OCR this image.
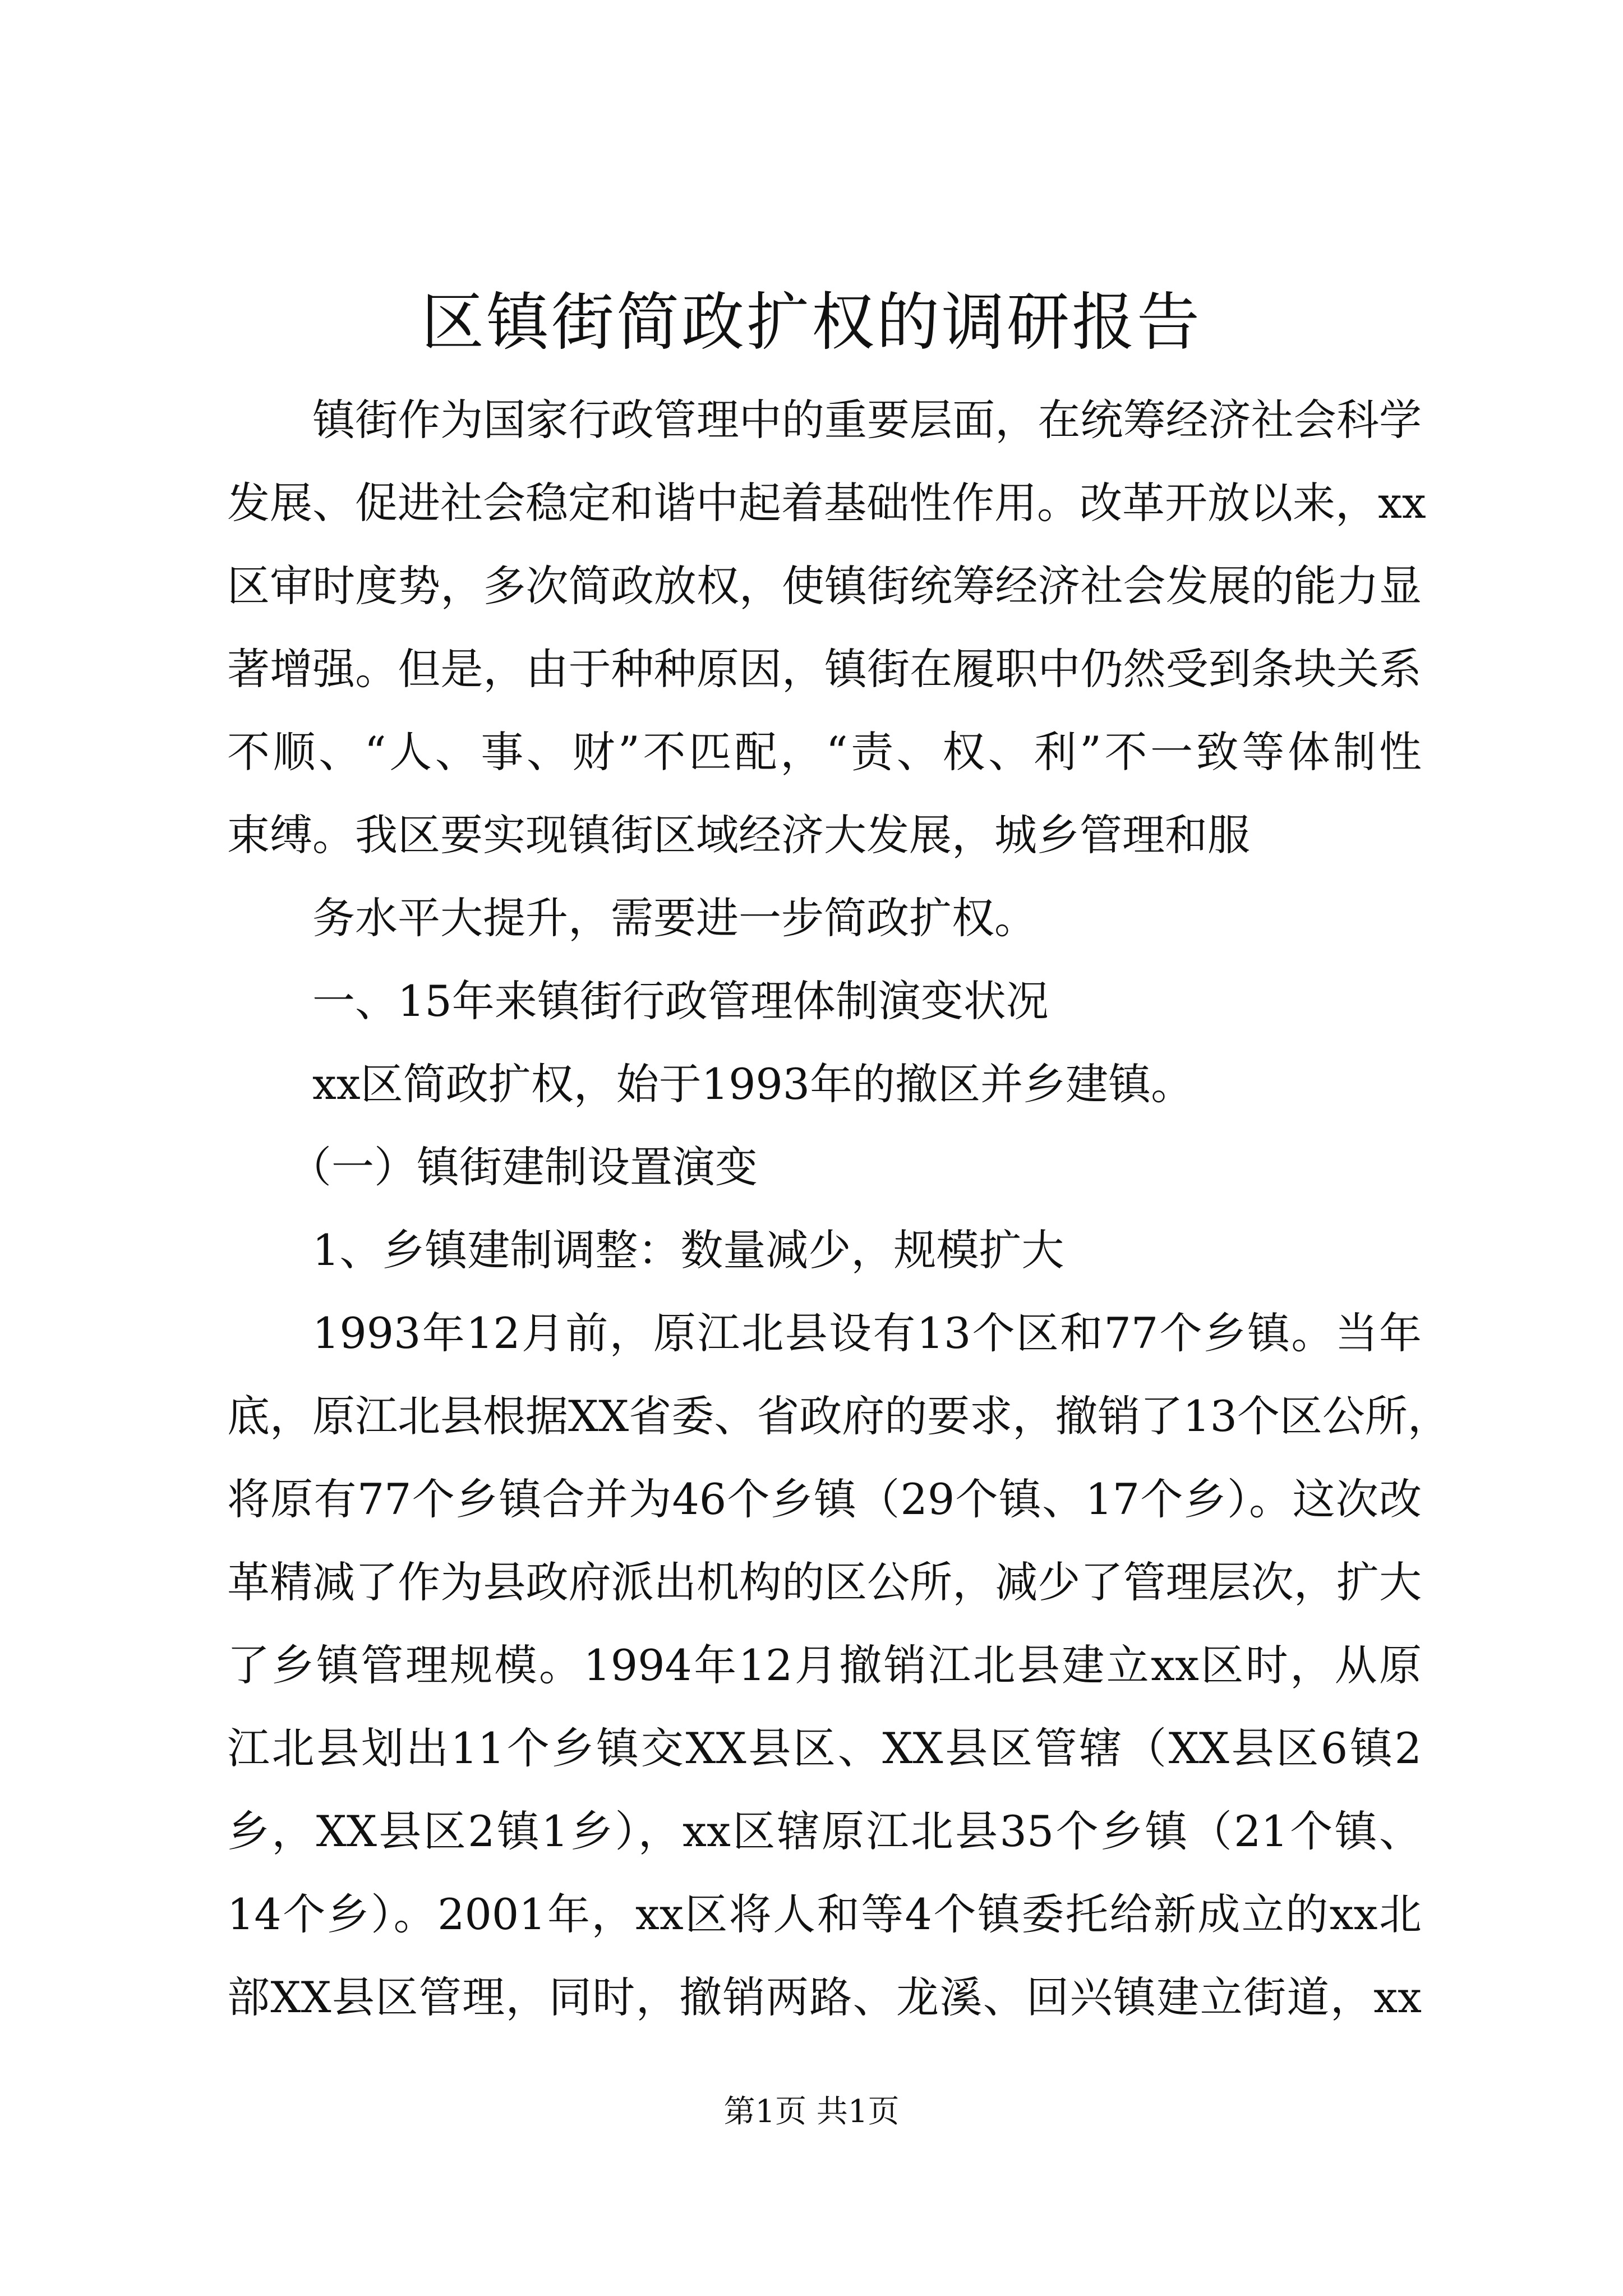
区镇街简政扩权的调研报告
镇街作为国家行政管理中的重要层面，在统筹经济社会科学
发展、促进社会稳定和谐中起着基础性作用。改革开放以来，xx
区审时度势，多次简政放权，使镇街统筹经济社会发展的能力显
著增强。但是，由于种种原因，镇街在履职中仍然受到条块关系
不顺、“人、事、财”不匹配，“责、权、利”不一致等体制性
束缚。我区要实现镇街区域经济大发展，城乡管理和服
务水平大提升，需要进一步简政扩权。
一、15年来镇街行政管理体制演变状况
xx区简政扩权，始于1993年的撤区并乡建镇。
（一）镇街建制设置演变
1、乡镇建制调整：数量减少，规模扩大
1993年12月前，原江北县设有13个区和77个乡镇。当年
底，原江北县根据XX省委、省政府的要求，撤销了13个区公所，
将原有77个乡镇合并为46个乡镇（29个镇、17个乡）。这次改
革精减了作为县政府派出机构的区公所，减少了管理层次，扩大
了乡镇管理规模。1994年12月撤销江北县建立xx区时，从原
江北县划出11个乡镇交XX县区、XX县区管辖（XX县区6镇2
乡，XX县区2镇1乡），xx区辖原江北县35个乡镇（21个镇、
14个乡）。2001年，xx区将人和等4个镇委托给新成立的xx北
部XX县区管理，同时，撤销两路、龙溪、回兴镇建立街道，xx
第1页 共1页
